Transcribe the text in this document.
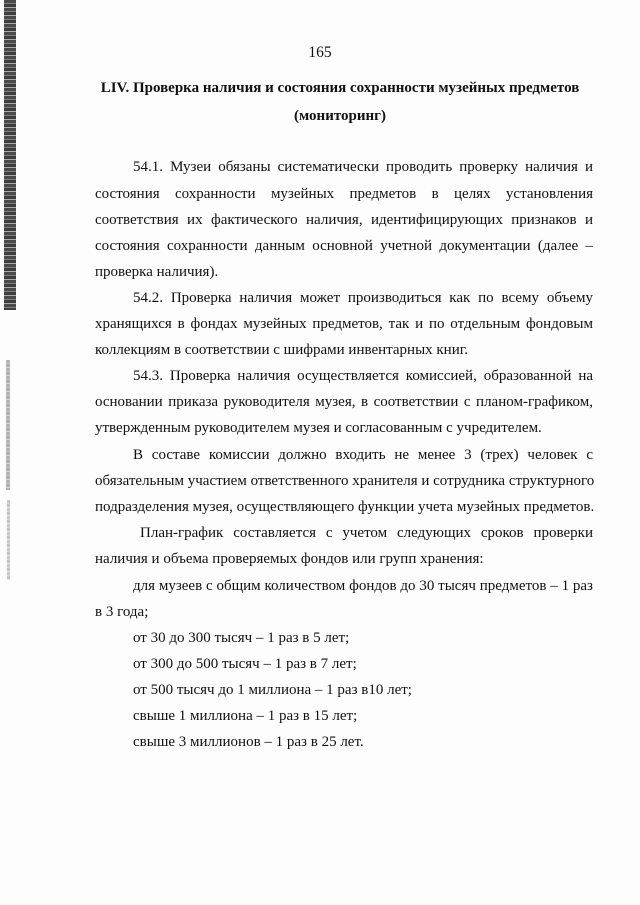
165
LIV. Проверка наличия и состояния сохранности музейных предметов
(мониторинг)
54.1. Музеи обязаны систематически проводить проверку наличия и
состояния сохранности музейных предметов в целях установления
соответствия их фактического наличия, идентифицирующих признаков и
состояния сохранности данным основной учетной документации (далее –
проверка наличия).
54.2. Проверка наличия может производиться как по всему объему
хранящихся в фондах музейных предметов, так и по отдельным фондовым
коллекциям в соответствии с шифрами инвентарных книг.
54.3. Проверка наличия осуществляется комиссией, образованной на
основании приказа руководителя музея, в соответствии с планом-графиком,
утвержденным руководителем музея и согласованным с учредителем.
В составе комиссии должно входить не менее 3 (трех) человек с
обязательным участием ответственного хранителя и сотрудника структурного
подразделения музея, осуществляющего функции учета музейных предметов.
План-график составляется с учетом следующих сроков проверки
наличия и объема проверяемых фондов или групп хранения:
для музеев с общим количеством фондов до 30 тысяч предметов – 1 раз
в 3 года;
от 30 до 300 тысяч – 1 раз в 5 лет;
от 300 до 500 тысяч – 1 раз в 7 лет;
от 500 тысяч до 1 миллиона – 1 раз в10 лет;
свыше 1 миллиона – 1 раз в 15 лет;
свыше 3 миллионов – 1 раз в 25 лет.
